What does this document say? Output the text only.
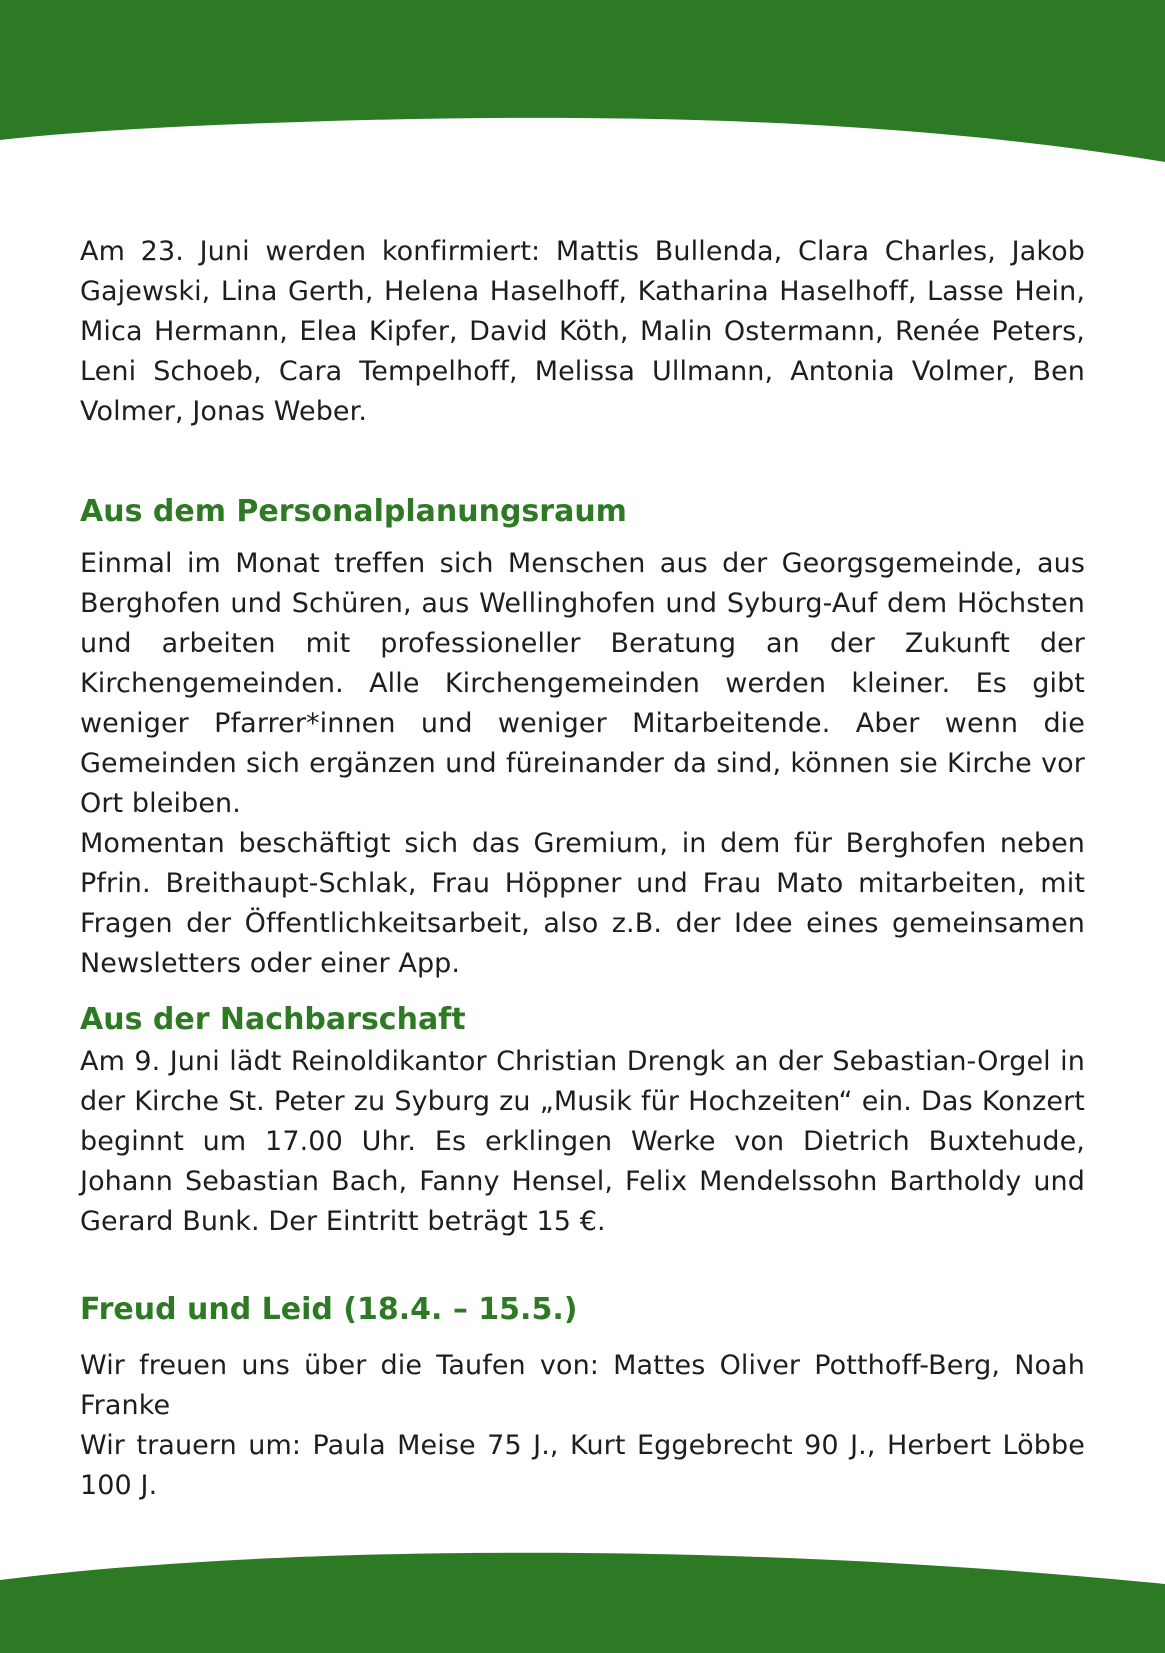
Am 23. Juni werden konfirmiert: Mattis Bullenda, Clara Charles, Jakob Gajewski, Lina Gerth, Helena Haselhoff, Katharina Haselhoff, Lasse Hein, Mica Hermann, Elea Kipfer, David Köth, Malin Ostermann, Renée Peters, Leni Schoeb, Cara Tempelhoff, Melissa Ullmann, Antonia Volmer, Ben Volmer, Jonas Weber.

Aus dem Personalplanungsraum

Einmal im Monat treffen sich Menschen aus der Georgsgemeinde, aus Berghofen und Schüren, aus Wellinghofen und Syburg-Auf dem Höchsten und arbeiten mit professioneller Beratung an der Zukunft der Kirchengemeinden. Alle Kirchengemeinden werden kleiner. Es gibt weniger Pfarrer*innen und weniger Mitarbeitende. Aber wenn die Gemeinden sich ergänzen und füreinander da sind, können sie Kirche vor Ort bleiben.

Momentan beschäftigt sich das Gremium, in dem für Berghofen neben Pfrin. Breithaupt-Schlak, Frau Höppner und Frau Mato mitarbeiten, mit Fragen der Öffentlichkeitsarbeit, also z.B. der Idee eines gemeinsamen Newsletters oder einer App.

Aus der Nachbarschaft

Am 9. Juni lädt Reinoldikantor Christian Drengk an der Sebastian-Orgel in der Kirche St. Peter zu Syburg zu „Musik für Hochzeiten“ ein. Das Konzert beginnt um 17.00 Uhr. Es erklingen Werke von Dietrich Buxtehude, Johann Sebastian Bach, Fanny Hensel, Felix Mendelssohn Bartholdy und Gerard Bunk. Der Eintritt beträgt 15 €.

Freud und Leid (18.4. – 15.5.)

Wir freuen uns über die Taufen von: Mattes Oliver Potthoff-Berg, Noah Franke

Wir trauern um: Paula Meise 75 J., Kurt Eggebrecht 90 J., Herbert Löbbe 100 J.
